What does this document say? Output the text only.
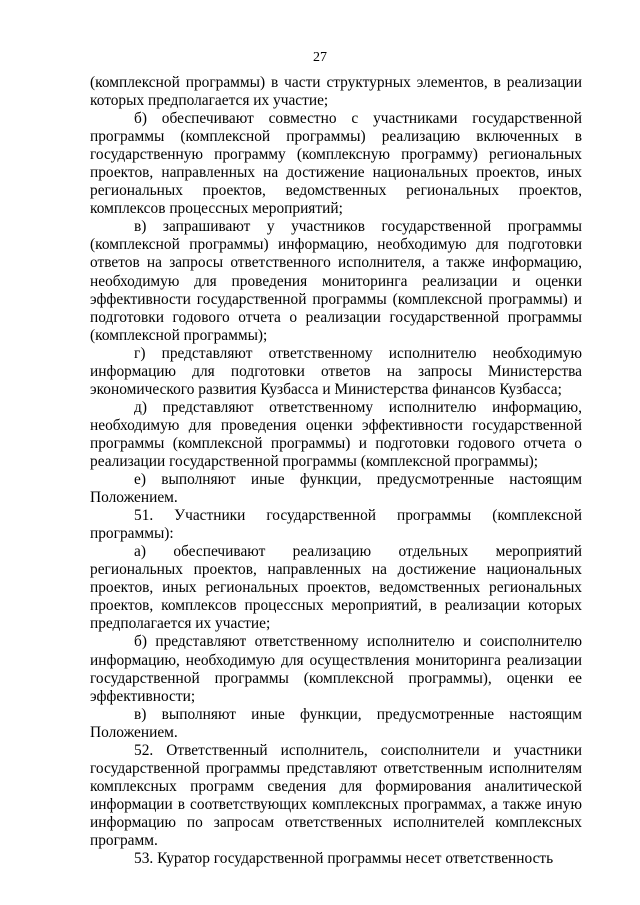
27

(комплексной программы) в части структурных элементов, в реализации которых предполагается их участие;

б) обеспечивают совместно с участниками государственной программы (комплексной программы) реализацию включенных в государственную программу (комплексную программу) региональных проектов, направленных на достижение национальных проектов, иных региональных проектов, ведомственных региональных проектов, комплексов процессных мероприятий;

в) запрашивают у участников государственной программы (комплексной программы) информацию, необходимую для подготовки ответов на запросы ответственного исполнителя, а также информацию, необходимую для проведения мониторинга реализации и оценки эффективности государственной программы (комплексной программы) и подготовки годового отчета о реализации государственной программы (комплексной программы);

г) представляют ответственному исполнителю необходимую информацию для подготовки ответов на запросы Министерства экономического развития Кузбасса и Министерства финансов Кузбасса;

д) представляют ответственному исполнителю информацию, необходимую для проведения оценки эффективности государственной программы (комплексной программы) и подготовки годового отчета о реализации государственной программы (комплексной программы);

е) выполняют иные функции, предусмотренные настоящим Положением.

51. Участники государственной программы (комплексной программы):

а) обеспечивают реализацию отдельных мероприятий региональных проектов, направленных на достижение национальных проектов, иных региональных проектов, ведомственных региональных проектов, комплексов процессных мероприятий, в реализации которых предполагается их участие;

б) представляют ответственному исполнителю и соисполнителю информацию, необходимую для осуществления мониторинга реализации государственной программы (комплексной программы), оценки ее эффективности;

в) выполняют иные функции, предусмотренные настоящим Положением.

52. Ответственный исполнитель, соисполнители и участники государственной программы представляют ответственным исполнителям комплексных программ сведения для формирования аналитической информации в соответствующих комплексных программах, а также иную информацию по запросам ответственных исполнителей комплексных программ.

53. Куратор государственной программы несет ответственность
